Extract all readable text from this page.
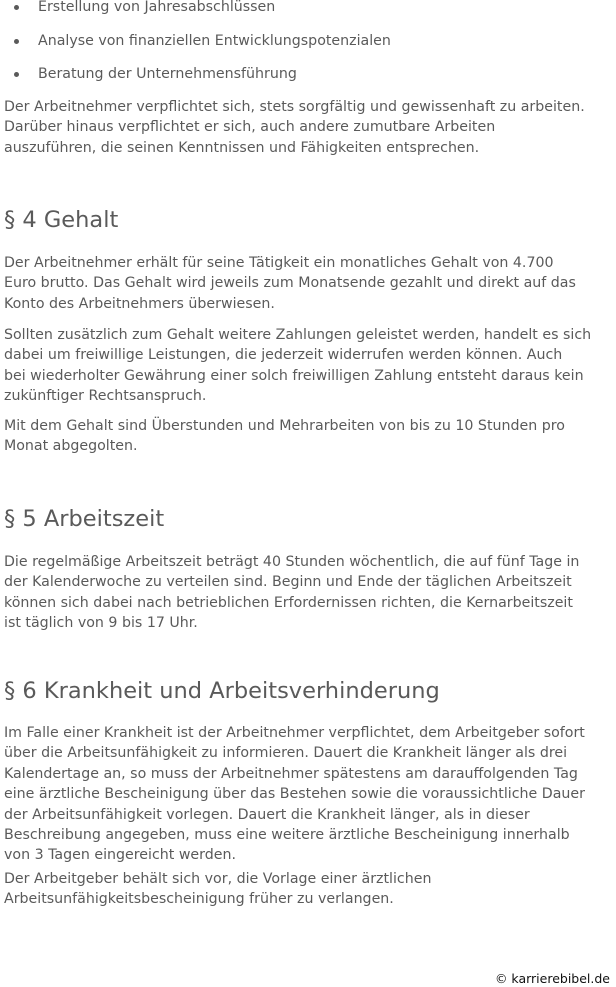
Erstellung von Jahresabschlüssen
Analyse von finanziellen Entwicklungspotenzialen
Beratung der Unternehmensführung

Der Arbeitnehmer verpflichtet sich, stets sorgfältig und gewissenhaft zu arbeiten.
Darüber hinaus verpflichtet er sich, auch andere zumutbare Arbeiten
auszuführen, die seinen Kenntnissen und Fähigkeiten entsprechen.

§ 4 Gehalt

Der Arbeitnehmer erhält für seine Tätigkeit ein monatliches Gehalt von 4.700
Euro brutto. Das Gehalt wird jeweils zum Monatsende gezahlt und direkt auf das
Konto des Arbeitnehmers überwiesen.

Sollten zusätzlich zum Gehalt weitere Zahlungen geleistet werden, handelt es sich
dabei um freiwillige Leistungen, die jederzeit widerrufen werden können. Auch
bei wiederholter Gewährung einer solch freiwilligen Zahlung entsteht daraus kein
zukünftiger Rechtsanspruch.

Mit dem Gehalt sind Überstunden und Mehrarbeiten von bis zu 10 Stunden pro
Monat abgegolten.

§ 5 Arbeitszeit

Die regelmäßige Arbeitszeit beträgt 40 Stunden wöchentlich, die auf fünf Tage in
der Kalenderwoche zu verteilen sind. Beginn und Ende der täglichen Arbeitszeit
können sich dabei nach betrieblichen Erfordernissen richten, die Kernarbeitszeit
ist täglich von 9 bis 17 Uhr.

§ 6 Krankheit und Arbeitsverhinderung

Im Falle einer Krankheit ist der Arbeitnehmer verpflichtet, dem Arbeitgeber sofort
über die Arbeitsunfähigkeit zu informieren. Dauert die Krankheit länger als drei
Kalendertage an, so muss der Arbeitnehmer spätestens am darauffolgenden Tag
eine ärztliche Bescheinigung über das Bestehen sowie die voraussichtliche Dauer
der Arbeitsunfähigkeit vorlegen. Dauert die Krankheit länger, als in dieser
Beschreibung angegeben, muss eine weitere ärztliche Bescheinigung innerhalb
von 3 Tagen eingereicht werden.

Der Arbeitgeber behält sich vor, die Vorlage einer ärztlichen
Arbeitsunfähigkeitsbescheinigung früher zu verlangen.

© karrierebibel.de
